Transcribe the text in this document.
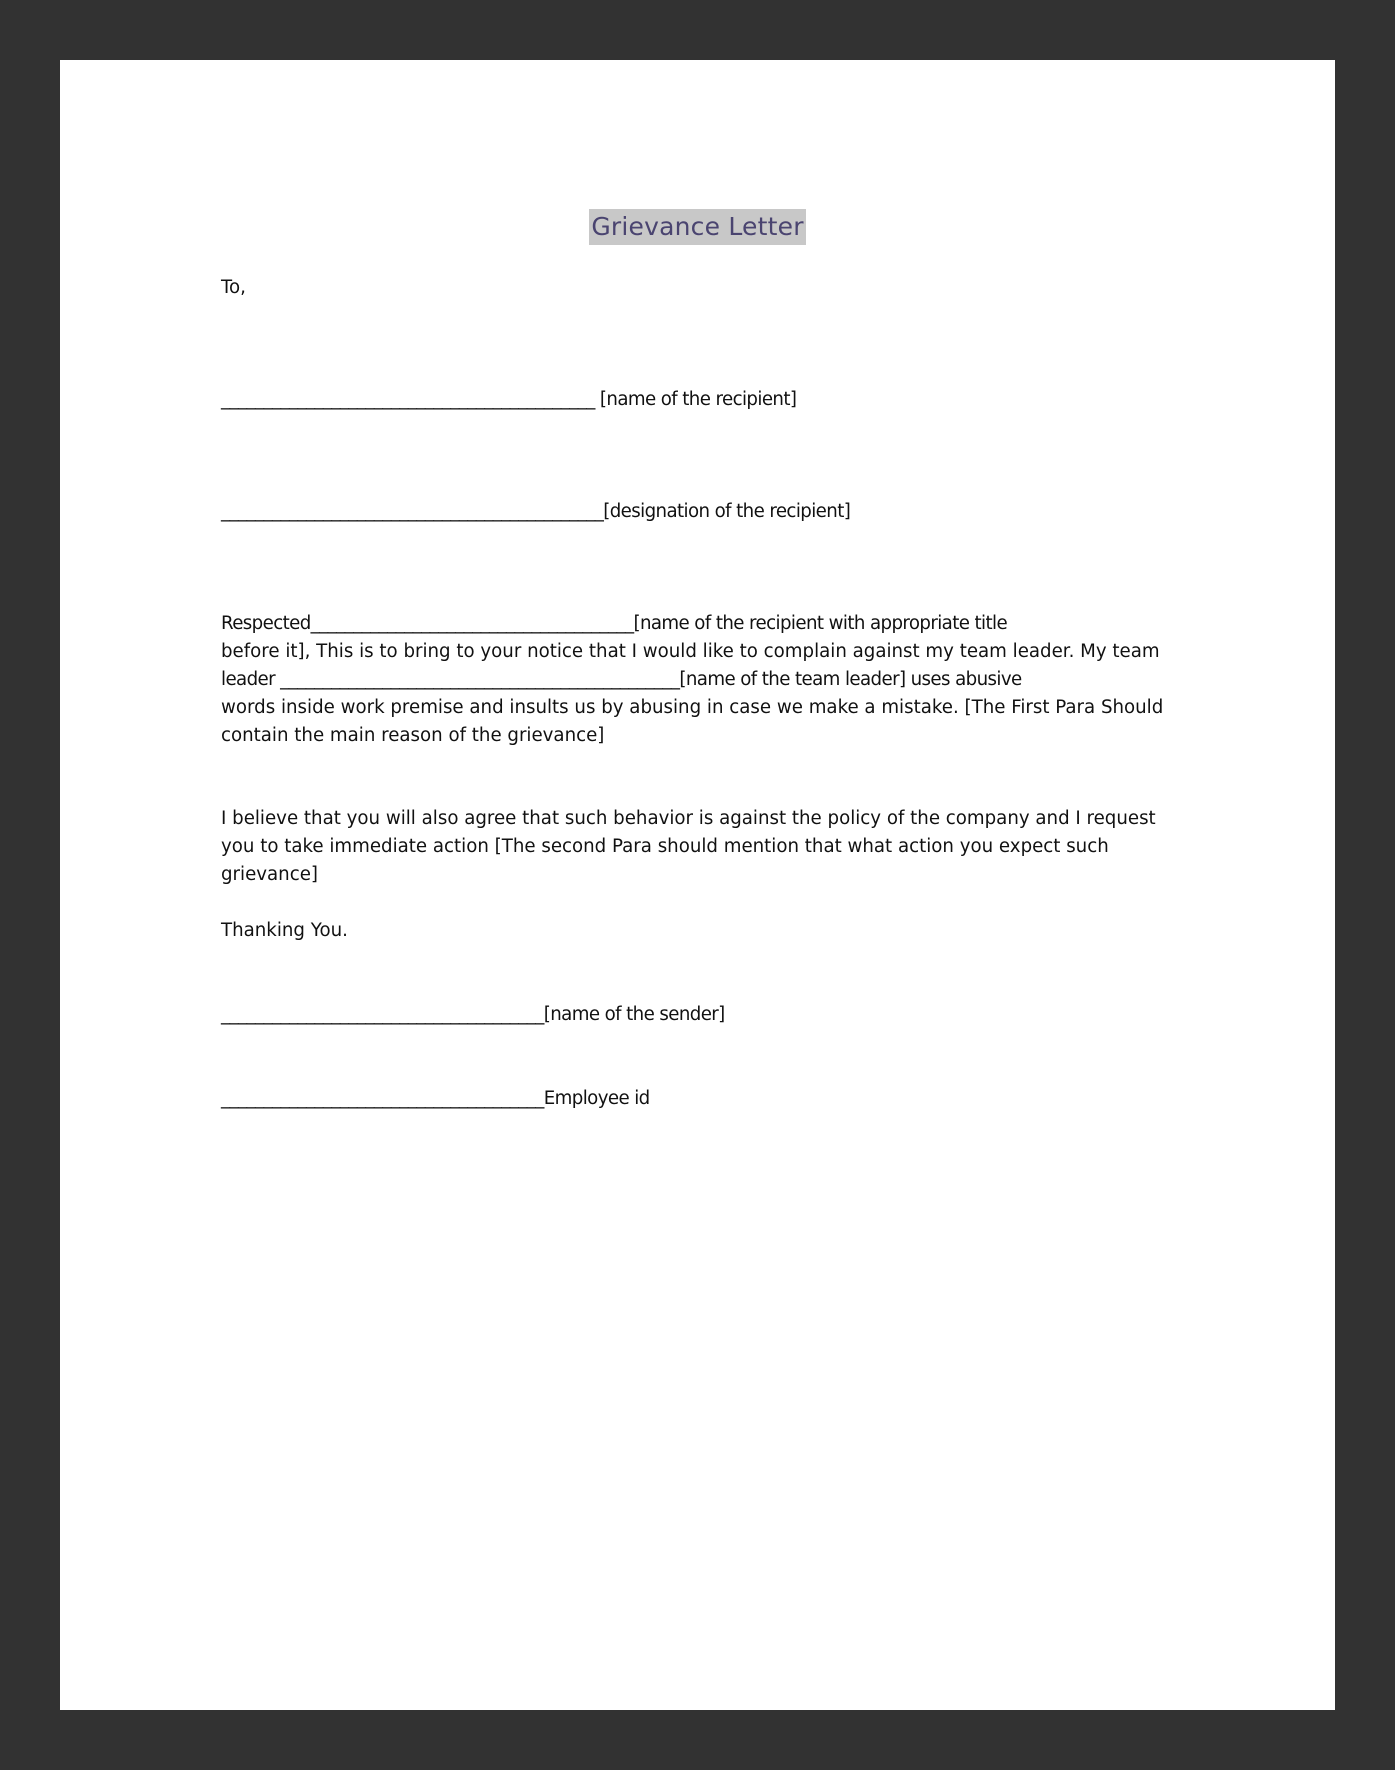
Grievance Letter
To,
____________________________________________ [name of the recipient]
_____________________________________________[designation of the recipient]
Respected______________________________________[name of the recipient with appropriate title
before it], This is to bring to your notice that I would like to complain against my team leader. My team
leader _______________________________________________[name of the team leader] uses abusive
words inside work premise and insults us by abusing in case we make a mistake. [The First Para Should
contain the main reason of the grievance]
I believe that you will also agree that such behavior is against the policy of the company and I request
you to take immediate action [The second Para should mention that what action you expect such
grievance]
Thanking You.
______________________________________[name of the sender]
______________________________________Employee id
